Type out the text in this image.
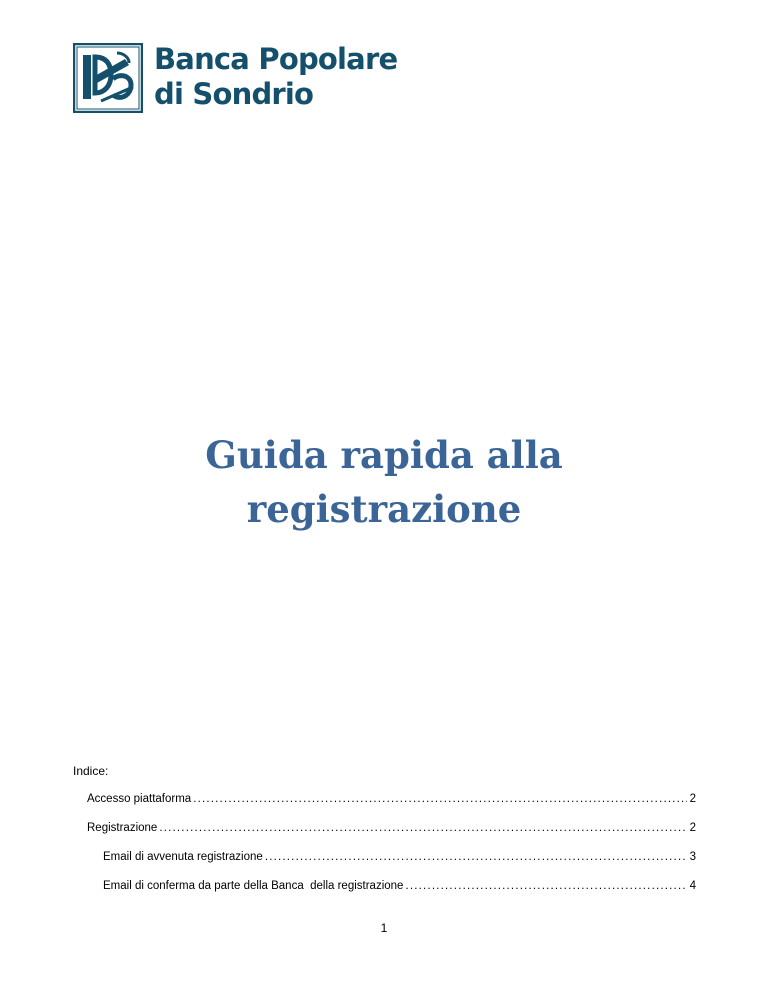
Banca Popolare
di Sondrio
Guida rapida alla
registrazione
Indice:
Accesso piattaforma .....	2
Registrazione .....	2
Email di avvenuta registrazione .....	3
Email di conferma da parte della Banca  della registrazione .....	4
1
